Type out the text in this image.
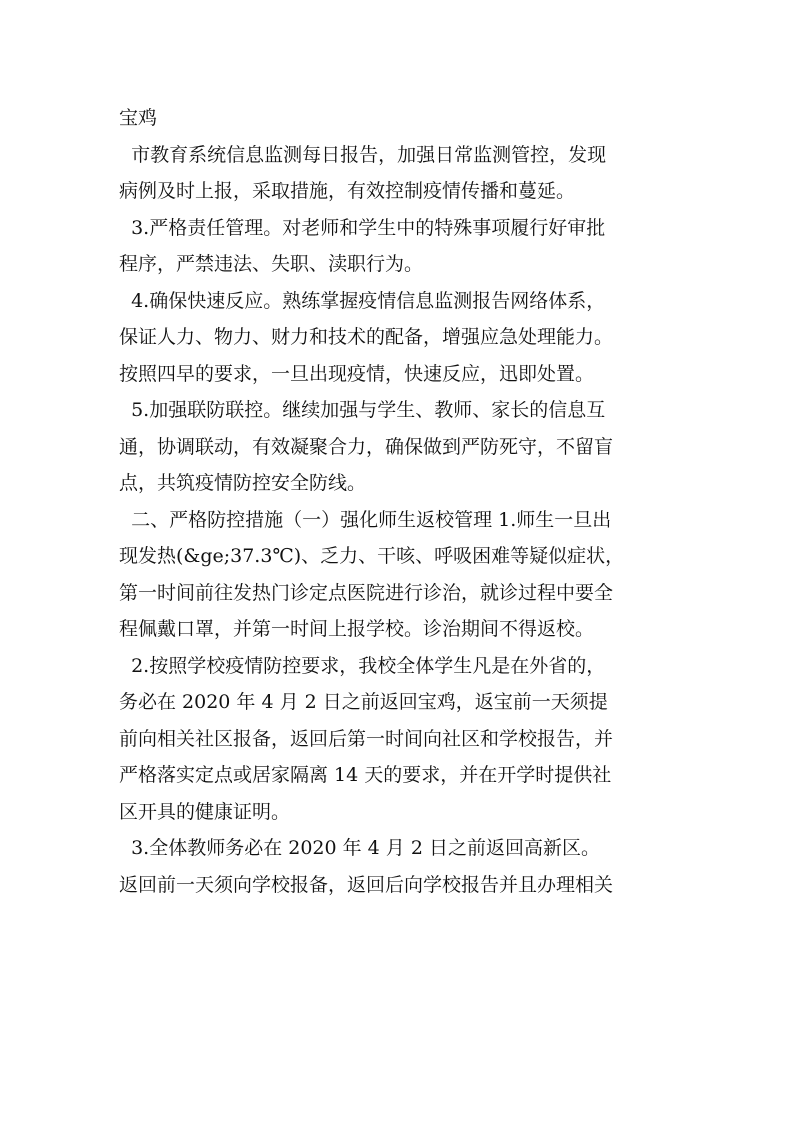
宝鸡
市教育系统信息监测每日报告，加强日常监测管控，发现
病例及时上报，采取措施，有效控制疫情传播和蔓延。
3.严格责任管理。对老师和学生中的特殊事项履行好审批
程序，严禁违法、失职、渎职行为。
4.确保快速反应。熟练掌握疫情信息监测报告网络体系，
保证人力、物力、财力和技术的配备，增强应急处理能力。
按照四早的要求，一旦出现疫情，快速反应，迅即处置。
5.加强联防联控。继续加强与学生、教师、家长的信息互
通，协调联动，有效凝聚合力，确保做到严防死守，不留盲
点，共筑疫情防控安全防线。
二、严格防控措施（一）强化师生返校管理 1.师生一旦出
现发热(&ge;37.3℃)、乏力、干咳、呼吸困难等疑似症状，
第一时间前往发热门诊定点医院进行诊治，就诊过程中要全
程佩戴口罩，并第一时间上报学校。诊治期间不得返校。
2.按照学校疫情防控要求，我校全体学生凡是在外省的，
务必在 2020 年 4 月 2 日之前返回宝鸡，返宝前一天须提
前向相关社区报备，返回后第一时间向社区和学校报告，并
严格落实定点或居家隔离 14 天的要求，并在开学时提供社
区开具的健康证明。
3.全体教师务必在 2020 年 4 月 2 日之前返回高新区。
返回前一天须向学校报备，返回后向学校报告并且办理相关
